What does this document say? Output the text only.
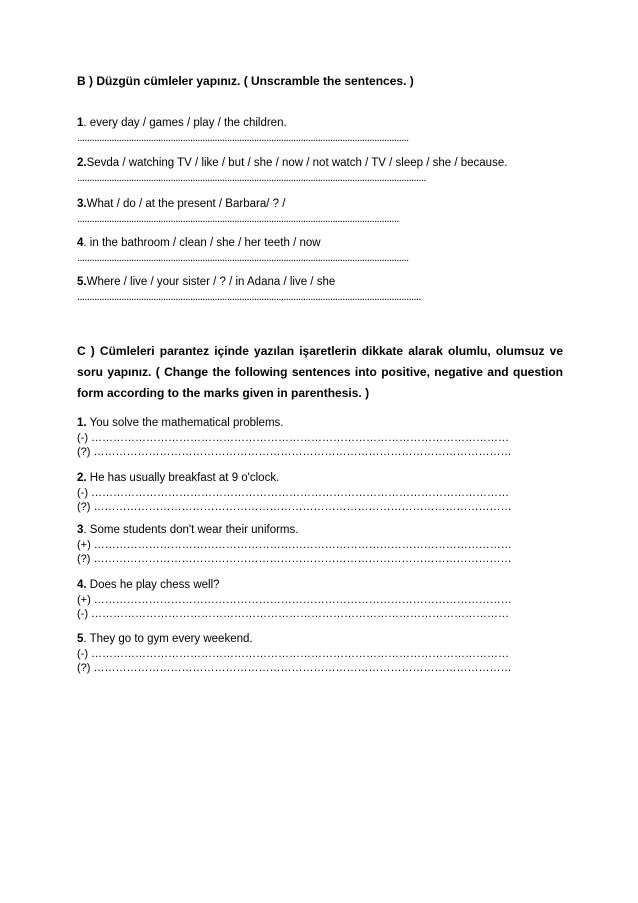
B ) Düzgün cümleler yapınız. ( Unscramble the sentences. )
1. every day / games / play / the children.
.......................................................................................................................................
2.Sevda / watching TV / like / but / she / now / not watch / TV / sleep / she / because.
..............................................................................................................................................
3.What / do / at the present / Barbara/ ? /
...................................................................................................................................
4. in the bathroom / clean / she / her teeth / now
.......................................................................................................................................
5.Where / live / your sister / ? / in Adana / live / she
............................................................................................................................................
C ) Cümleleri parantez içinde yazılan işaretlerin dikkate alarak olumlu, olumsuz ve soru yapınız. ( Change the following sentences into positive, negative and question form according to the marks given in parenthesis. )
1. You solve the mathematical problems.
(-) ……………………………………………………………………………………………………
(?) ……………………………………………………………………………………………………
2. He has usually breakfast at 9 o'clock.
(-) ……………………………………………………………………………………………………
(?) ……………………………………………………………………………………………………
3. Some students don't wear their uniforms.
(+) ……………………………………………………………………………………………………
(?) ……………………………………………………………………………………………………
4. Does he play chess well?
(+) ……………………………………………………………………………………………………
(-) ……………………………………………………………………………………………………
5. They go to gym every weekend.
(-) ……………………………………………………………………………………………………
(?) ……………………………………………………………………………………………………
